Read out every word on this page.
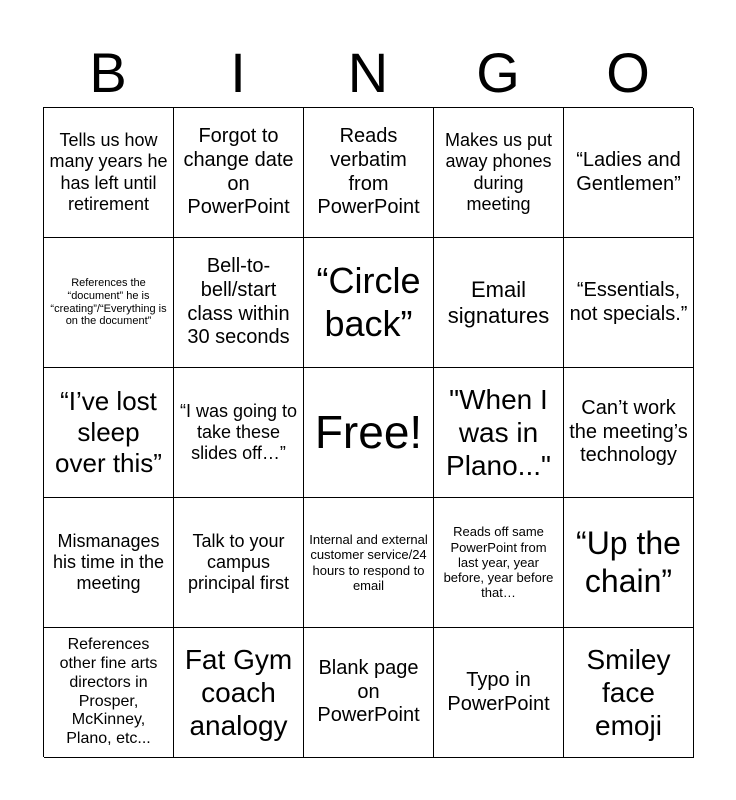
B	I	N	G	O
Tells us how many years he has left until retirement
Forgot to change date on PowerPoint
Reads verbatim from PowerPoint
Makes us put away phones during meeting
“Ladies and Gentlemen”
References the “document” he is “creating”/“Everything is on the document”
Bell-to-bell/start class within 30 seconds
“Circle back”
Email signatures
“Essentials, not specials.”
“I’ve lost sleep over this”
“I was going to take these slides off…” Free!
"When I was in Plano..."
Can’t work the meeting’s technology
Mismanages his time in the meeting
Talk to your campus principal first
Internal and external customer service/24 hours to respond to email
Reads off same PowerPoint from last year, year before, year before that…
“Up the chain”
References other fine arts directors in Prosper, McKinney, Plano, etc...
Fat Gym coach analogy
Blank page on PowerPoint
Typo in PowerPoint
Smiley face emoji
